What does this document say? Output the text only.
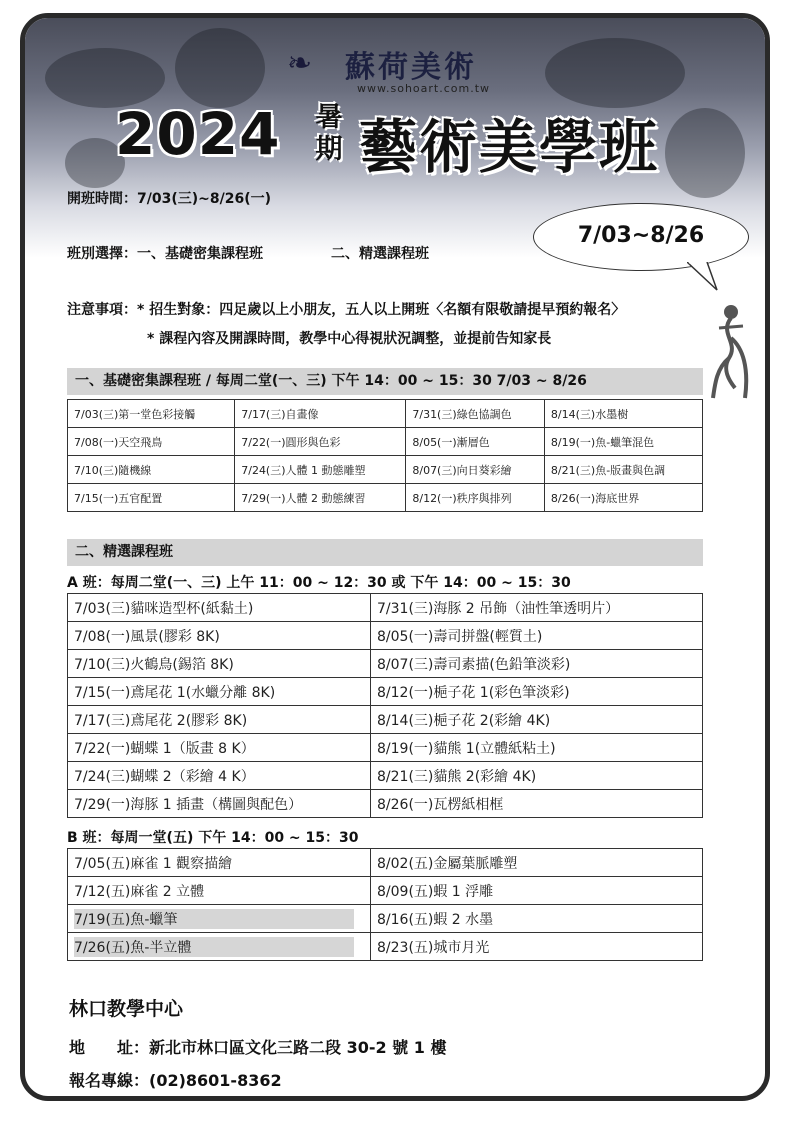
❧ 蘇荷美術
www.sohoart.com.tw
2024 暑
期 藝術美學班
開班時間：7/03(三)~8/26(一)
班別選擇：一、基礎密集課程班	二、精選課程班
7/03~8/26
注意事項：* 招生對象：四足歲以上小朋友，五人以上開班〈名額有限敬請提早預約報名〉
* 課程內容及開課時間，教學中心得視狀況調整，並提前告知家長
一、基礎密集課程班 / 每周二堂(一、三) 下午 14：00 ~ 15：30 7/03 ~ 8/26
7/03(三)第一堂色彩接觸	7/17(三)自畫像	7/31(三)綠色協調色	8/14(三)水墨樹
7/08(一)天空飛鳥	7/22(一)圓形與色彩	8/05(一)漸層色	8/19(一)魚-蠟筆混色
7/10(三)隨機線	7/24(三)人體 1 動態雕塑	8/07(三)向日葵彩繪	8/21(三)魚-版畫與色調
7/15(一)五官配置	7/29(一)人體 2 動態練習	8/12(一)秩序與排列	8/26(一)海底世界
二、精選課程班
A 班：每周二堂(一、三) 上午 11：00 ~ 12：30 或 下午 14：00 ~ 15：30
7/03(三)貓咪造型杯(紙黏土)	7/31(三)海豚 2 吊飾（油性筆透明片）
7/08(一)風景(膠彩 8K)	8/05(一)壽司拼盤(輕質土)
7/10(三)火鶴鳥(錫箔 8K)	8/07(三)壽司素描(色鉛筆淡彩)
7/15(一)鳶尾花 1(水蠟分離 8K)	8/12(一)梔子花 1(彩色筆淡彩)
7/17(三)鳶尾花 2(膠彩 8K)	8/14(三)梔子花 2(彩繪 4K)
7/22(一)蝴蝶 1（版畫 8 K）	8/19(一)貓熊 1(立體紙粘土)
7/24(三)蝴蝶 2（彩繪 4 K）	8/21(三)貓熊 2(彩繪 4K)
7/29(一)海豚 1 插畫（構圖與配色）	8/26(一)瓦楞紙相框
B 班：每周一堂(五) 下午 14：00 ~ 15：30
7/05(五)麻雀 1 觀察描繪	8/02(五)金屬葉脈雕塑
7/12(五)麻雀 2 立體	8/09(五)蝦 1 浮雕
7/19(五)魚-蠟筆	8/16(五)蝦 2 水墨
7/26(五)魚-半立體	8/23(五)城市月光
林口教學中心
地　　址：新北市林口區文化三路二段 30-2 號 1 樓
報名專線：(02)8601-8362
